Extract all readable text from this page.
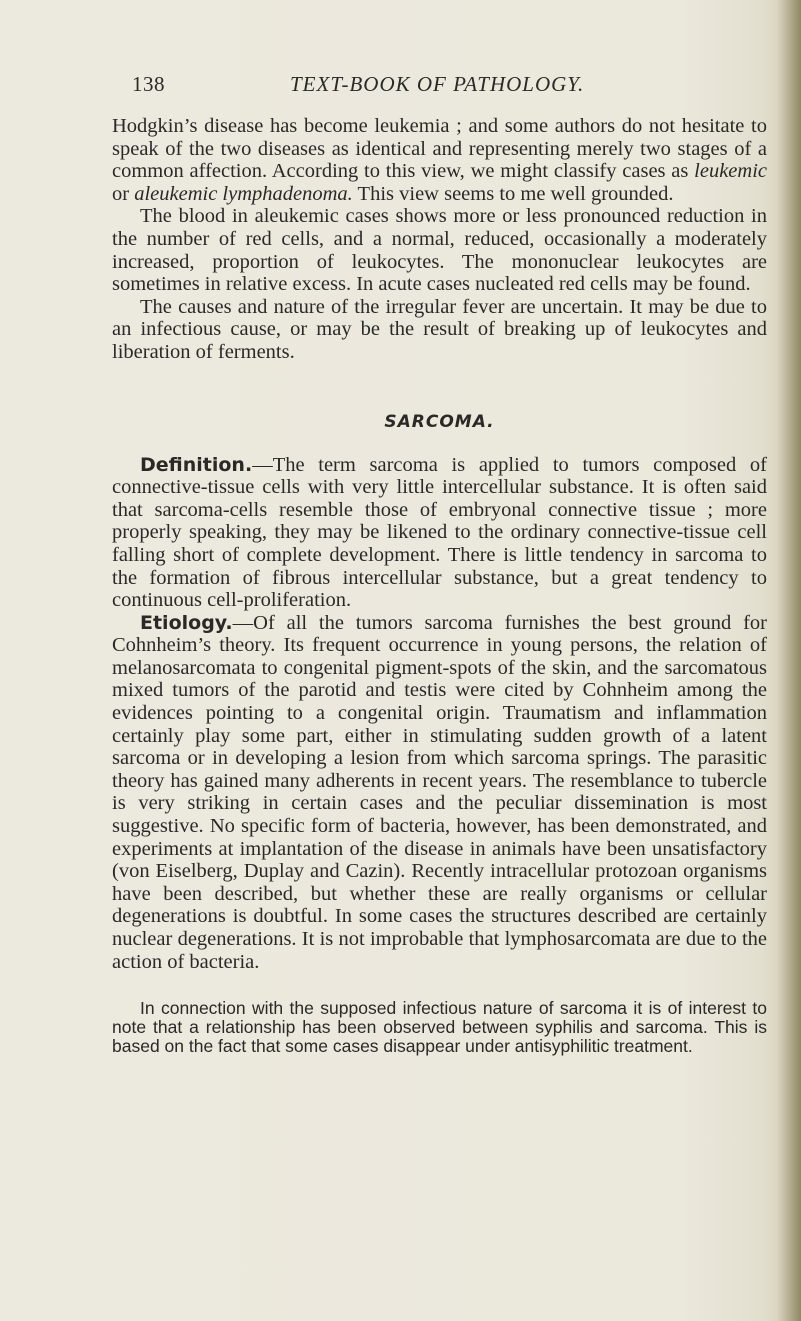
138	TEXT-BOOK OF PATHOLOGY.

Hodgkin’s disease has become leukemia ; and some authors do not hesitate to speak of the two diseases as identical and representing merely two stages of a common affection. According to this view, we might classify cases as leukemic or aleukemic lymphadenoma. This view seems to me well grounded.

The blood in aleukemic cases shows more or less pronounced reduction in the number of red cells, and a normal, reduced, occasionally a moderately increased, proportion of leukocytes. The mononuclear leukocytes are sometimes in relative excess. In acute cases nucleated red cells may be found.

The causes and nature of the irregular fever are uncertain. It may be due to an infectious cause, or may be the result of breaking up of leukocytes and liberation of ferments.

SARCOMA.

Definition.—The term sarcoma is applied to tumors composed of connective-tissue cells with very little intercellular substance. It is often said that sarcoma-cells resemble those of embryonal connective tissue ; more properly speaking, they may be likened to the ordinary connective-tissue cell falling short of complete development. There is little tendency in sarcoma to the formation of fibrous intercellular substance, but a great tendency to continuous cell-proliferation.

Etiology.—Of all the tumors sarcoma furnishes the best ground for Cohnheim’s theory. Its frequent occurrence in young persons, the relation of melanosarcomata to congenital pigment-spots of the skin, and the sarcomatous mixed tumors of the parotid and testis were cited by Cohnheim among the evidences pointing to a congenital origin. Traumatism and inflammation certainly play some part, either in stimulating sudden growth of a latent sarcoma or in developing a lesion from which sarcoma springs. The parasitic theory has gained many adherents in recent years. The resemblance to tubercle is very striking in certain cases and the peculiar dissemination is most suggestive. No specific form of bacteria, however, has been demonstrated, and experiments at implantation of the disease in animals have been unsatisfactory (von Eiselberg, Duplay and Cazin). Recently intracellular protozoan organisms have been described, but whether these are really organisms or cellular degenerations is doubtful. In some cases the structures described are certainly nuclear degenerations. It is not improbable that lymphosarcomata are due to the action of bacteria.

In connection with the supposed infectious nature of sarcoma it is of interest to note that a relationship has been observed between syphilis and sarcoma. This is based on the fact that some cases disappear under antisyphilitic treatment.
